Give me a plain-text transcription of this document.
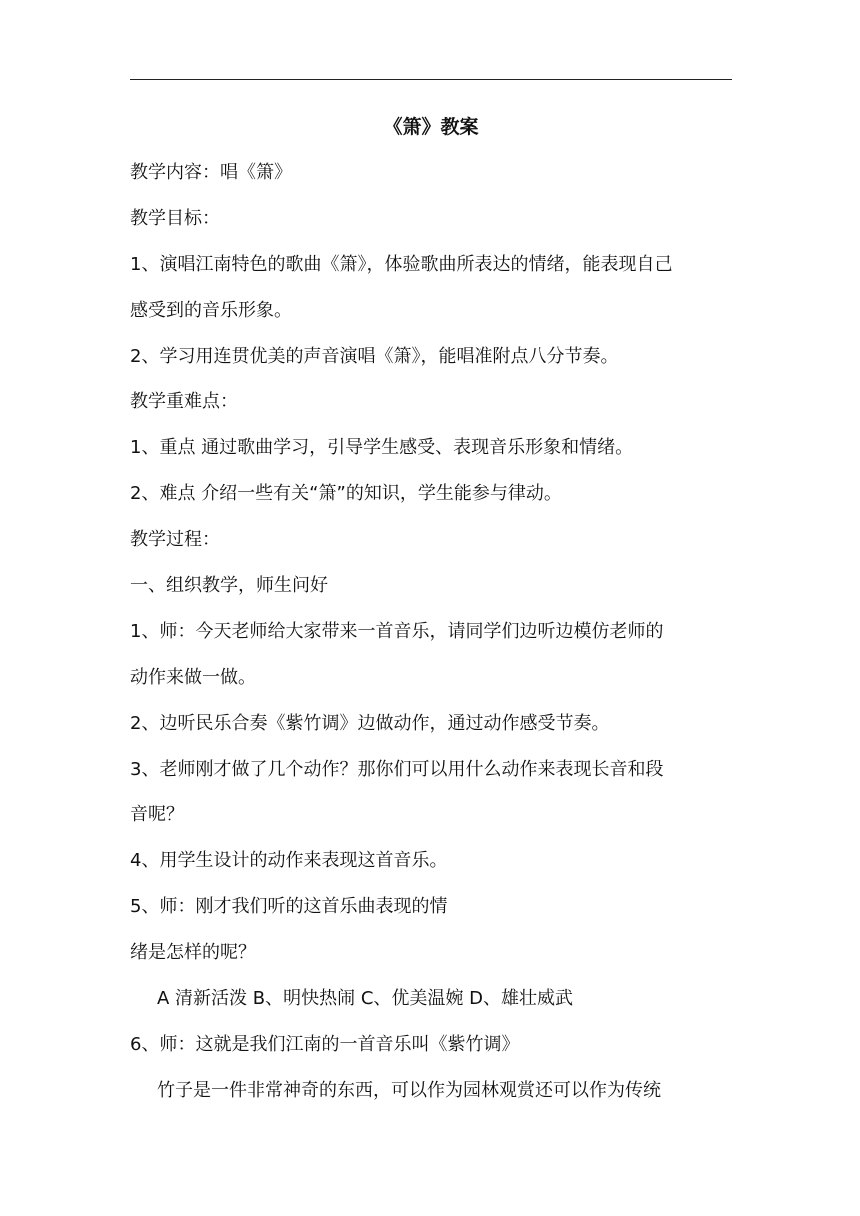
《箫》教案
教学内容：唱《箫》
教学目标：
1、演唱江南特色的歌曲《箫》，体验歌曲所表达的情绪，能表现自己
感受到的音乐形象。
2、学习用连贯优美的声音演唱《箫》，能唱准附点八分节奏。
教学重难点：
1、重点 通过歌曲学习，引导学生感受、表现音乐形象和情绪。
2、难点 介绍一些有关“箫”的知识，学生能参与律动。
教学过程：
一、组织教学，师生问好
1、师：今天老师给大家带来一首音乐，请同学们边听边模仿老师的
动作来做一做。
2、边听民乐合奏《紫竹调》边做动作，通过动作感受节奏。
3、老师刚才做了几个动作？那你们可以用什么动作来表现长音和段
音呢？
4、用学生设计的动作来表现这首音乐。
5、师：刚才我们听的这首乐曲表现的情
绪是怎样的呢？
A 清新活泼 B、明快热闹 C、优美温婉 D、雄壮威武
6、师：这就是我们江南的一首音乐叫《紫竹调》
竹子是一件非常神奇的东西，可以作为园林观赏还可以作为传统
